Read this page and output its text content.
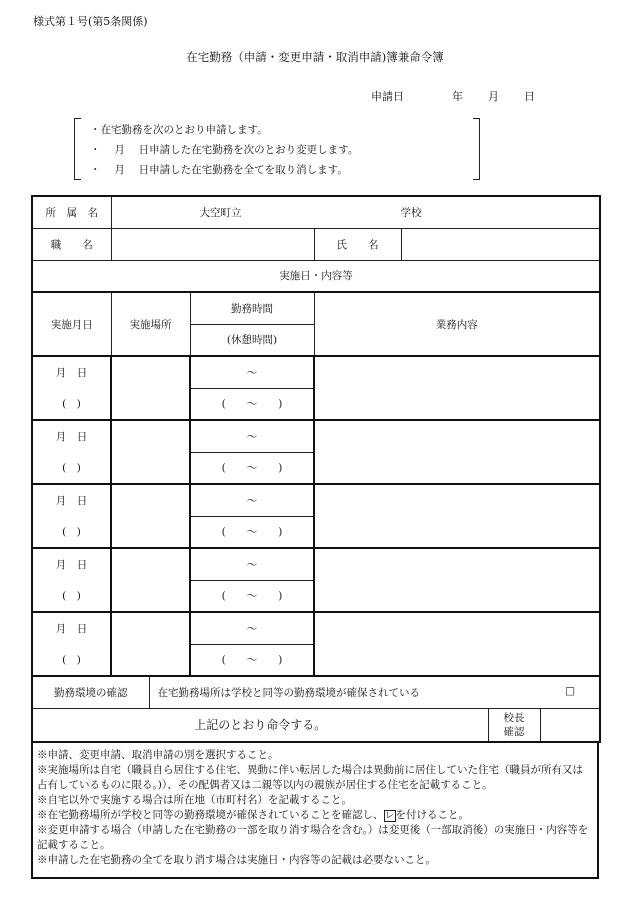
様式第１号(第5条関係)
在宅勤務（申請・変更申請・取消申請)簿兼命令簿
申請日	年 月 日
・在宅勤務を次のとおり申請します。
・　 月　 日申請した在宅勤務を次のとおり変更します。
・　 月　 日申請した在宅勤務を全てを取り消します。
所　属　名	大空町立 学校					
職　　名				氏　　名		
実施日・内容等						
実施月日	実施場所		勤務時間	業務内容		
			(休憩時間)			
月　日			～			
(　)			(　　～　　)			
月　日			～			
(　)			(　　～　　)			
月　日			～			
(　)			(　　～　　)			
月　日			～			
(　)			(　　～　　)			
月　日			～			
(　)			(　　～　　)			
勤務環境の確認		在宅勤務場所は学校と同等の勤務環境が確保されている □				

上記のとおり命令する。						校長
確認

※申請、変更申請、取消申請の別を選択すること。

※実施場所は自宅（職員自ら居住する住宅、異動に伴い転居した場合は異動前に居住していた住宅（職員が所有又は占有しているものに限る。)）、その配偶者又は二親等以内の親族が居住する住宅を記載すること。

※自宅以外で実施する場合は所在地（市町村名）を記載すること。

※在宅勤務場所が学校と同等の勤務環境が確保されていることを確認し、レ を付けること。

※変更申請する場合（申請した在宅勤務の一部を取り消す場合を含む。）は変更後（一部取消後）の実施日・内容等を記載すること。

※申請した在宅勤務の全てを取り消す場合は実施日・内容等の記載は必要ないこと。
